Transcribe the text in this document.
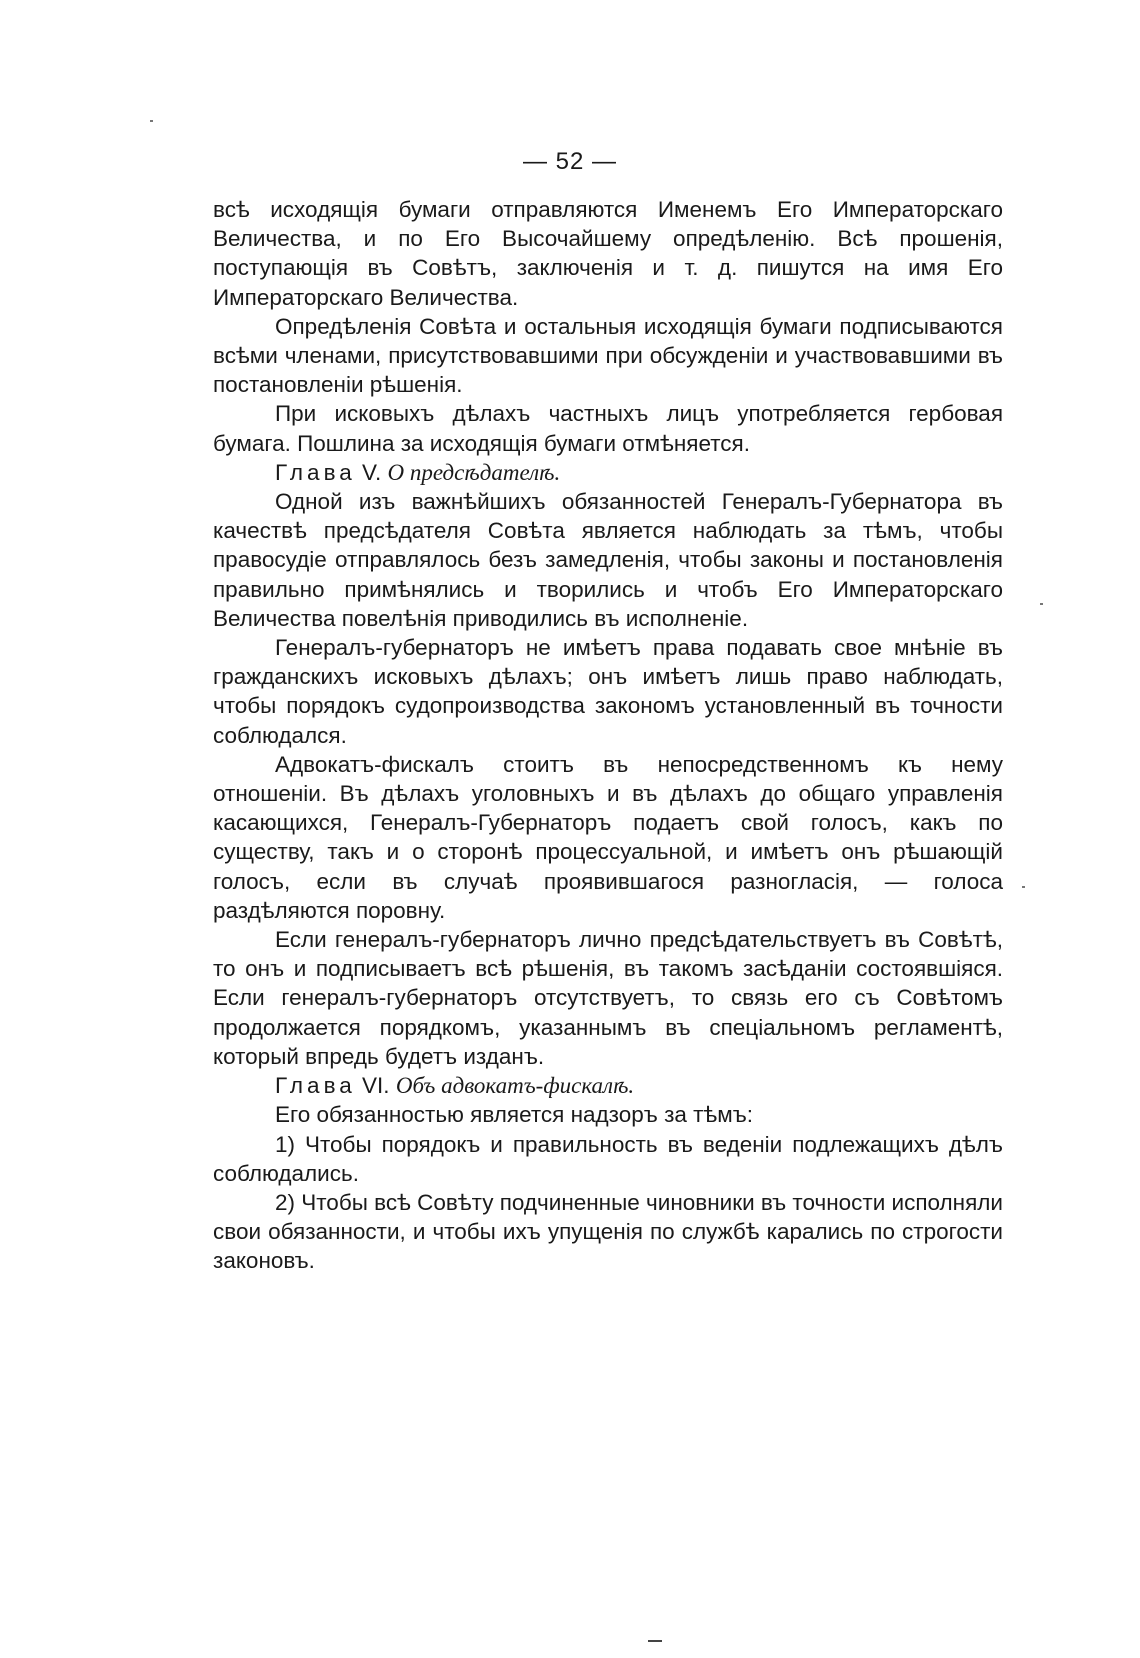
— 52 —

всѣ исходящія бумаги отправляются Именемъ Его Императорскаго Величества, и по Его Высочайшему опредѣленію. Всѣ прошенія, поступающія въ Совѣтъ, заключенія и т. д. пишутся на имя Его Императорскаго Величества.

Опредѣленія Совѣта и остальныя исходящія бумаги подписываются всѣми членами, присутствовавшими при обсужденіи и участвовавшими въ постановленіи рѣшенія.

При исковыхъ дѣлахъ частныхъ лицъ употребляется гербовая бумага. Пошлина за исходящія бумаги отмѣняется.

Глава V. О предсѣдателѣ.

Одной изъ важнѣйшихъ обязанностей Генералъ-Губернатора въ качествѣ предсѣдателя Совѣта является наблюдать за тѣмъ, чтобы правосудіе отправлялось безъ замедленія, чтобы законы и постановленія правильно примѣнялись и творились и чтобъ Его Императорскаго Величества повелѣнія приводились въ исполненіе.

Генералъ-губернаторъ не имѣетъ права подавать свое мнѣніе въ гражданскихъ исковыхъ дѣлахъ; онъ имѣетъ лишь право наблюдать, чтобы порядокъ судопроизводства закономъ установленный въ точности соблюдался.

Адвокатъ-фискалъ стоитъ въ непосредственномъ къ нему отношеніи. Въ дѣлахъ уголовныхъ и въ дѣлахъ до общаго управленія касающихся, Генералъ-Губернаторъ подаетъ свой голосъ, какъ по существу, такъ и о сторонѣ процессуальной, и имѣетъ онъ рѣшающій голосъ, если въ случаѣ проявившагося разногласія, — голоса раздѣляются поровну.

Если генералъ-губернаторъ лично предсѣдательствуетъ въ Совѣтѣ, то онъ и подписываетъ всѣ рѣшенія, въ такомъ засѣданіи состоявшіяся. Если генералъ-губернаторъ отсутствуетъ, то связь его съ Совѣтомъ продолжается порядкомъ, указаннымъ въ спеціальномъ регламентѣ, который впредь будетъ изданъ.

Глава VI. Объ адвокатъ-фискалѣ.

Его обязанностью является надзоръ за тѣмъ:

1) Чтобы порядокъ и правильность въ веденіи подлежащихъ дѣлъ соблюдались.

2) Чтобы всѣ Совѣту подчиненные чиновники въ точности исполняли свои обязанности, и чтобы ихъ упущенія по службѣ карались по строгости законовъ.
